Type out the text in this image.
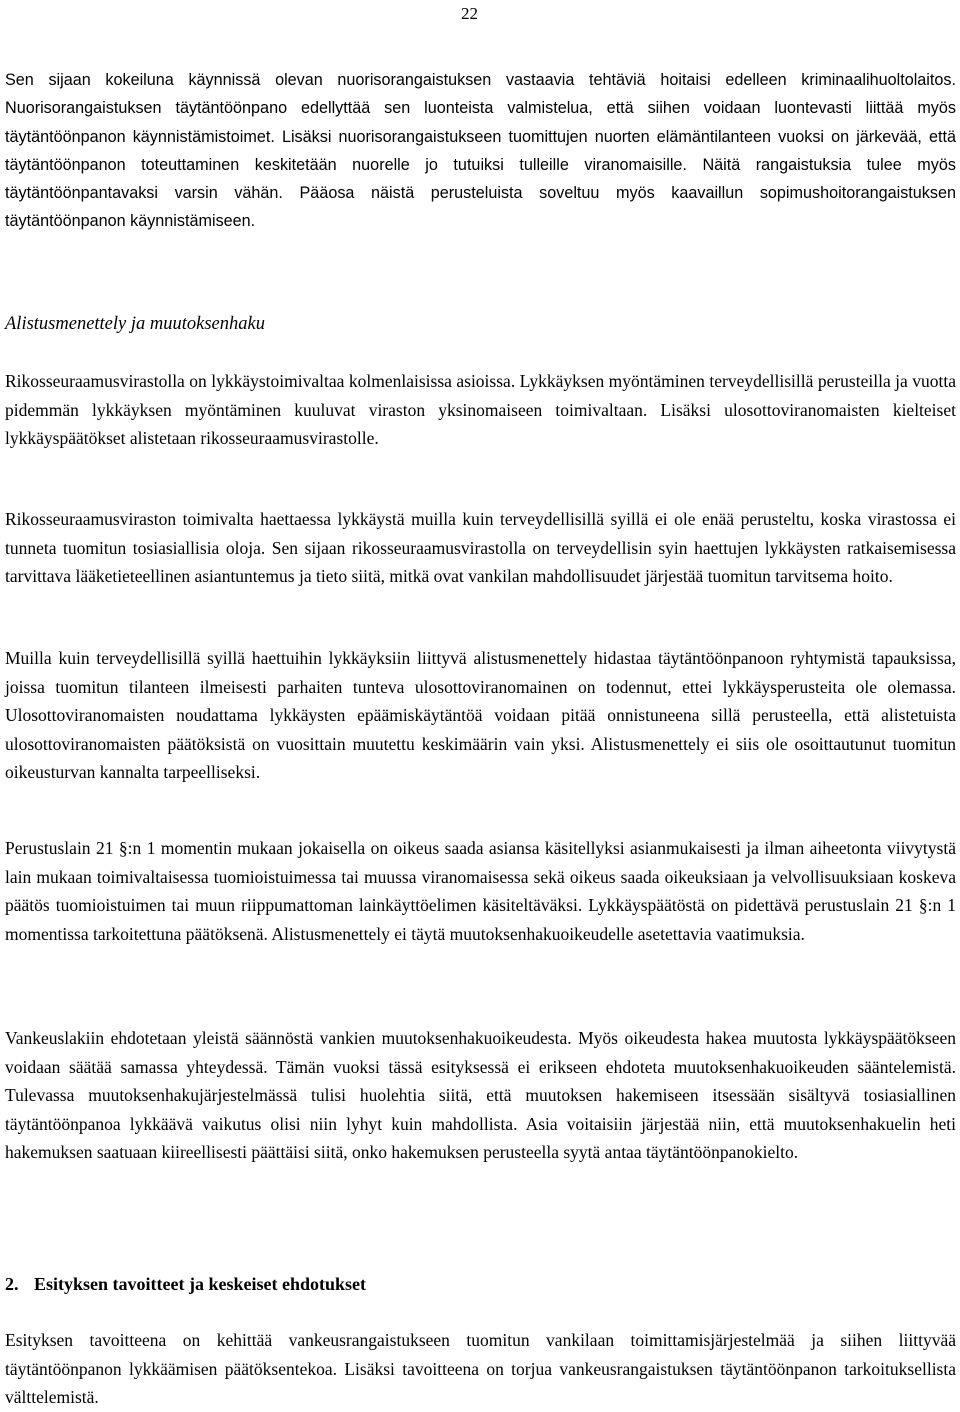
22

Sen sijaan kokeiluna käynnissä olevan nuorisorangaistuksen vastaavia tehtäviä hoitaisi edelleen kriminaalihuoltolaitos. Nuorisorangaistuksen täytäntöönpano edellyttää sen luonteista valmistelua, että siihen voidaan luontevasti liittää myös täytäntöönpanon käynnistämistoimet. Lisäksi nuorisorangaistukseen tuomittujen nuorten elämäntilanteen vuoksi on järkevää, että täytäntöönpanon toteuttaminen keskitetään nuorelle jo tutuiksi tulleille viranomaisille. Näitä rangaistuksia tulee myös täytäntöönpantavaksi varsin vähän. Pääosa näistä perusteluista soveltuu myös kaavaillun sopimushoitorangaistuksen täytäntöönpanon käynnistämiseen.

Alistusmenettely ja muutoksenhaku

Rikosseuraamusvirastolla on lykkäystoimivaltaa kolmenlaisissa asioissa. Lykkäyksen myöntäminen terveydellisillä perusteilla ja vuotta pidemmän lykkäyksen myöntäminen kuuluvat viraston yksinomaiseen toimivaltaan. Lisäksi ulosottoviranomaisten kielteiset lykkäyspäätökset alistetaan rikosseuraamusvirastolle.

Rikosseuraamusviraston toimivalta haettaessa lykkäystä muilla kuin terveydellisillä syillä ei ole enää perusteltu, koska virastossa ei tunneta tuomitun tosiasiallisia oloja. Sen sijaan rikosseuraamusvirastolla on terveydellisin syin haettujen lykkäysten ratkaisemisessa tarvittava lääketieteellinen asiantuntemus ja tieto siitä, mitkä ovat vankilan mahdollisuudet järjestää tuomitun tarvitsema hoito.

Muilla kuin terveydellisillä syillä haettuihin lykkäyksiin liittyvä alistusmenettely hidastaa täytäntöönpanoon ryhtymistä tapauksissa, joissa tuomitun tilanteen ilmeisesti parhaiten tunteva ulosottoviranomainen on todennut, ettei lykkäysperusteita ole olemassa. Ulosottoviranomaisten noudattama lykkäysten epäämiskäytäntöä voidaan pitää onnistuneena sillä perusteella, että alistetuista ulosottoviranomaisten päätöksistä on vuosittain muutettu keskimäärin vain yksi. Alistusmenettely ei siis ole osoittautunut tuomitun oikeusturvan kannalta tarpeelliseksi.

Perustuslain 21 §:n 1 momentin mukaan jokaisella on oikeus saada asiansa käsitellyksi asianmukaisesti ja ilman aiheetonta viivytystä lain mukaan toimivaltaisessa tuomioistuimessa tai muussa viranomaisessa sekä oikeus saada oikeuksiaan ja velvollisuuksiaan koskeva päätös tuomioistuimen tai muun riippumattoman lainkäyttöelimen käsiteltäväksi. Lykkäyspäätöstä on pidettävä perustuslain 21 §:n 1 momentissa tarkoitettuna päätöksenä. Alistusmenettely ei täytä muutoksenhakuoikeudelle asetettavia vaatimuksia.

Vankeuslakiin ehdotetaan yleistä säännöstä vankien muutoksenhakuoikeudesta. Myös oikeudesta hakea muutosta lykkäyspäätökseen voidaan säätää samassa yhteydessä. Tämän vuoksi tässä esityksessä ei erikseen ehdoteta muutoksenhakuoikeuden sääntelemistä. Tulevassa muutoksenhakujärjestelmässä tulisi huolehtia siitä, että muutoksen hakemiseen itsessään sisältyvä tosiasiallinen täytäntöönpanoa lykkäävä vaikutus olisi niin lyhyt kuin mahdollista. Asia voitaisiin järjestää niin, että muutoksenhakuelin heti hakemuksen saatuaan kiireellisesti päättäisi siitä, onko hakemuksen perusteella syytä antaa täytäntöönpanokielto.

2. Esityksen tavoitteet ja keskeiset ehdotukset

Esityksen tavoitteena on kehittää vankeusrangaistukseen tuomitun vankilaan toimittamisjärjestelmää ja siihen liittyvää täytäntöönpanon lykkäämisen päätöksentekoa. Lisäksi tavoitteena on torjua vankeusrangaistuksen täytäntöönpanon tarkoituksellista välttelemistä.
